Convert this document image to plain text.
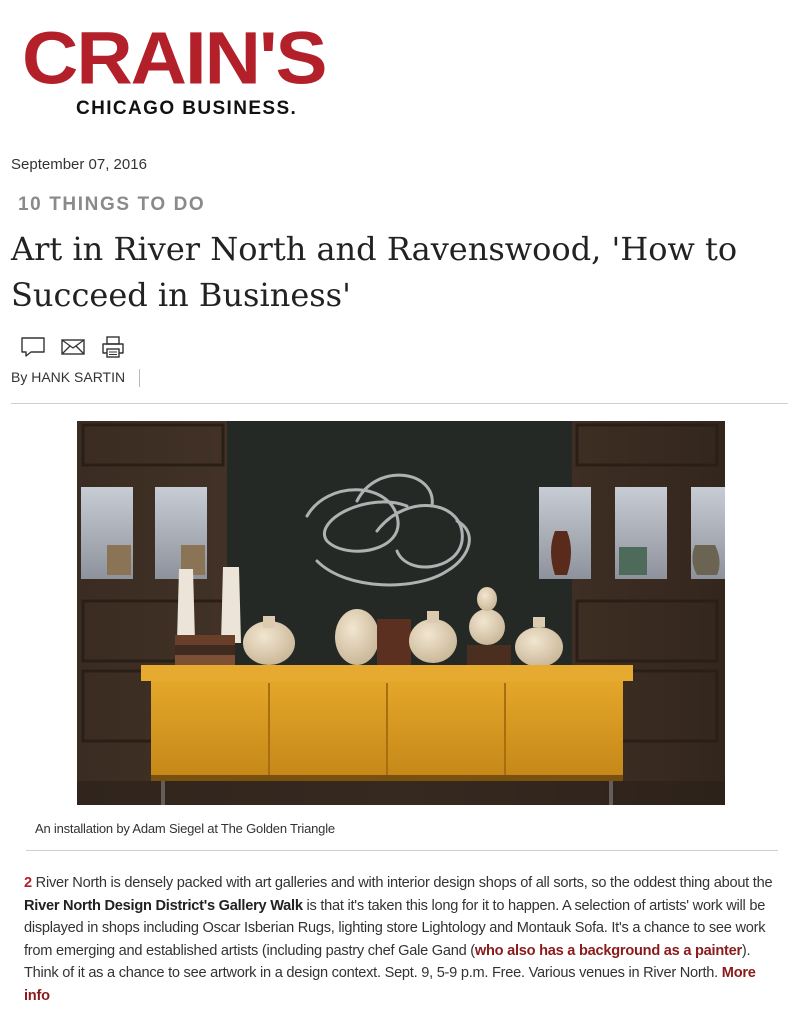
CRAIN'S
CHICAGO BUSINESS.
September 07, 2016
10 THINGS TO DO
Art in River North and Ravenswood, 'How to Succeed in Business'
By HANK SARTIN
An installation by Adam Siegel at The Golden Triangle

2 River North is densely packed with art galleries and with interior design shops of all sorts, so the oddest thing about the River North Design District's Gallery Walk is that it's taken this long for it to happen. A selection of artists' work will be displayed in shops including Oscar Isberian Rugs, lighting store Lightology and Montauk Sofa. It's a chance to see work from emerging and established artists (including pastry chef Gale Gand (who also has a background as a painter). Think of it as a chance to see artwork in a design context. Sept. 9, 5-9 p.m. Free. Various venues in River North. More info
